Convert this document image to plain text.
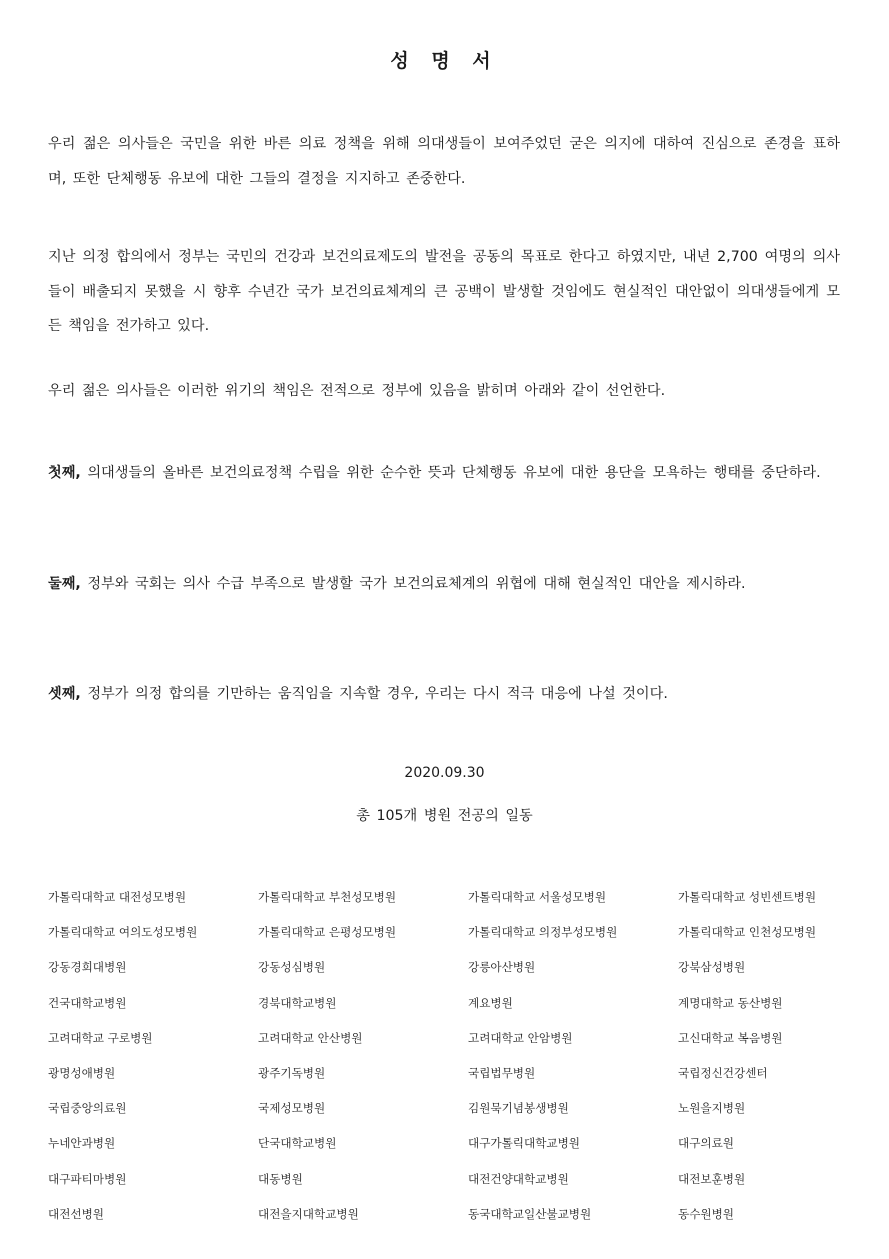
성 명 서

우리 젊은 의사들은 국민을 위한 바른 의료 정책을 위해 의대생들이 보여주었던 굳은 의지에 대하여 진심으로 존경을 표하며, 또한 단체행동 유보에 대한 그들의 결정을 지지하고 존중한다.

지난 의정 합의에서 정부는 국민의 건강과 보건의료제도의 발전을 공동의 목표로 한다고 하였지만, 내년 2,700 여명의 의사들이 배출되지 못했을 시 향후 수년간 국가 보건의료체계의 큰 공백이 발생할 것임에도 현실적인 대안없이 의대생들에게 모든 책임을 전가하고 있다.

우리 젊은 의사들은 이러한 위기의 책임은 전적으로 정부에 있음을 밝히며 아래와 같이 선언한다.

첫째, 의대생들의 올바른 보건의료정책 수립을 위한 순수한 뜻과 단체행동 유보에 대한 용단을 모욕하는 행태를 중단하라.

둘째, 정부와 국회는 의사 수급 부족으로 발생할 국가 보건의료체계의 위협에 대해 현실적인 대안을 제시하라.

셋째, 정부가 의정 합의를 기만하는 움직임을 지속할 경우, 우리는 다시 적극 대응에 나설 것이다.

2020.09.30

총 105개 병원 전공의 일동

가톨릭대학교 대전성모병원	가톨릭대학교 부천성모병원	가톨릭대학교 서울성모병원	가톨릭대학교 성빈센트병원
가톨릭대학교 여의도성모병원	가톨릭대학교 은평성모병원	가톨릭대학교 의정부성모병원	가톨릭대학교 인천성모병원
강동경희대병원	강동성심병원	강릉아산병원	강북삼성병원
건국대학교병원	경북대학교병원	계요병원	계명대학교 동산병원
고려대학교 구로병원	고려대학교 안산병원	고려대학교 안암병원	고신대학교 복음병원
광명성애병원	광주기독병원	국립법무병원	국립정신건강센터
국립중앙의료원	국제성모병원	김원묵기념봉생병원	노원을지병원
누네안과병원	단국대학교병원	대구가톨릭대학교병원	대구의료원
대구파티마병원	대동병원	대전건양대학교병원	대전보훈병원
대전선병원	대전을지대학교병원	동국대학교일산불교병원	동수원병원
